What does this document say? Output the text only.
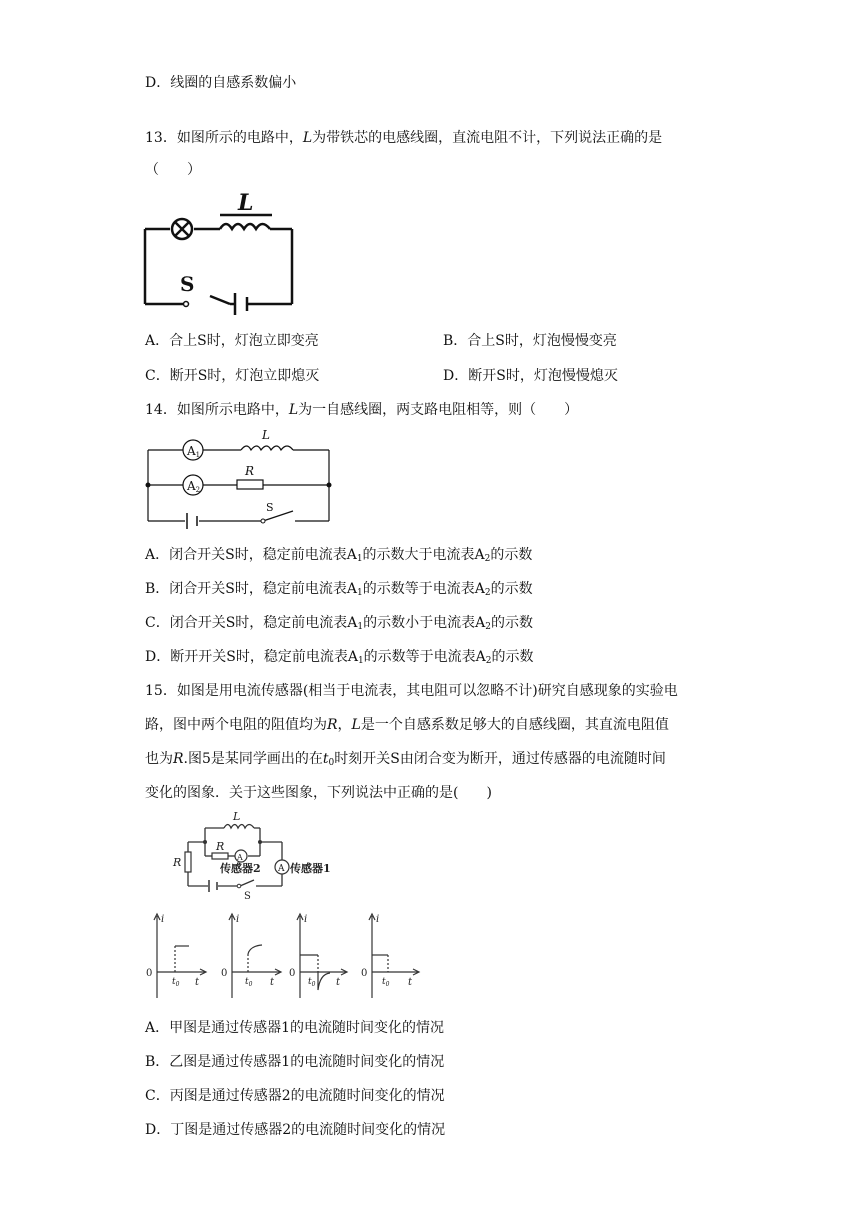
D．线圈的自感系数偏小
13．如图所示的电路中，L为带铁芯的电感线圈，直流电阻不计，下列说法正确的是
（　　）
L
S
A．合上S时，灯泡立即变亮	B．合上S时，灯泡慢慢变亮
C．断开S时，灯泡立即熄灭	D．断开S时，灯泡慢慢熄灭
14．如图所示电路中，L为一自感线圈，两支路电阻相等，则（　　）
A1
A2
L
R
S
A．闭合开关S时，稳定前电流表$A_1$的示数大于电流表$A_2$的示数
B．闭合开关S时，稳定前电流表$A_1$的示数等于电流表$A_2$的示数
C．闭合开关S时，稳定前电流表$A_1$的示数小于电流表$A_2$的示数
D．断开开关S时，稳定前电流表$A_1$的示数等于电流表$A_2$的示数
15．如图是用电流传感器(相当于电流表，其电阻可以忽略不计)研究自感现象的实验电
路，图中两个电阻的阻值均为R，L是一个自感系数足够大的自感线圈，其直流电阻值
也为R.图5是某同学画出的在$t_0$时刻开关S由闭合变为断开，通过传感器的电流随时间
变化的图象．关于这些图象，下列说法中正确的是(　　)
L
R
R	A
传感器2 A 传感器1
S
i
0
$t_0$ t
i
0
$t_0$ t
i
0
$t_0$ t
i
0
$t_0$ t
A．甲图是通过传感器1的电流随时间变化的情况
B．乙图是通过传感器1的电流随时间变化的情况
C．丙图是通过传感器2的电流随时间变化的情况
D．丁图是通过传感器2的电流随时间变化的情况
